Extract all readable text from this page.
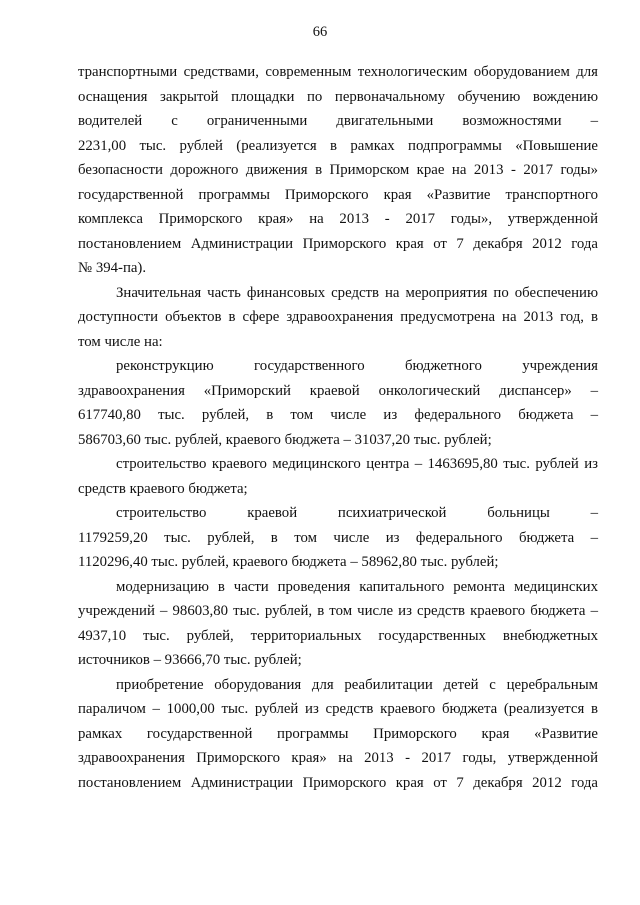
66
транспортными средствами, современным технологическим оборудованием для
оснащения закрытой площадки по первоначальному обучению вождению
водителей с ограниченными двигательными возможностями –
2231,00 тыс. рублей (реализуется в рамках подпрограммы «Повышение
безопасности дорожного движения в Приморском крае на 2013 - 2017 годы»
государственной программы Приморского края «Развитие транспортного
комплекса Приморского края» на 2013 - 2017 годы», утвержденной
постановлением Администрации Приморского края от 7 декабря 2012 года
№ 394-па).
Значительная часть финансовых средств на мероприятия по обеспечению
доступности объектов в сфере здравоохранения предусмотрена на 2013 год, в
том числе на:
реконструкцию государственного бюджетного учреждения
здравоохранения «Приморский краевой онкологический диспансер» –
617740,80 тыс. рублей, в том числе из федерального бюджета –
586703,60 тыс. рублей, краевого бюджета – 31037,20 тыс. рублей;
строительство краевого медицинского центра – 1463695,80 тыс. рублей из
средств краевого бюджета;
строительство краевой психиатрической больницы –
1179259,20 тыс. рублей, в том числе из федерального бюджета –
1120296,40 тыс. рублей, краевого бюджета – 58962,80 тыс. рублей;
модернизацию в части проведения капитального ремонта медицинских
учреждений – 98603,80 тыс. рублей, в том числе из средств краевого бюджета –
4937,10 тыс. рублей, территориальных государственных внебюджетных
источников – 93666,70 тыс. рублей;
приобретение оборудования для реабилитации детей с церебральным
параличом – 1000,00 тыс. рублей из средств краевого бюджета (реализуется в
рамках государственной программы Приморского края «Развитие
здравоохранения Приморского края» на 2013 - 2017 годы, утвержденной
постановлением Администрации Приморского края от 7 декабря 2012 года
